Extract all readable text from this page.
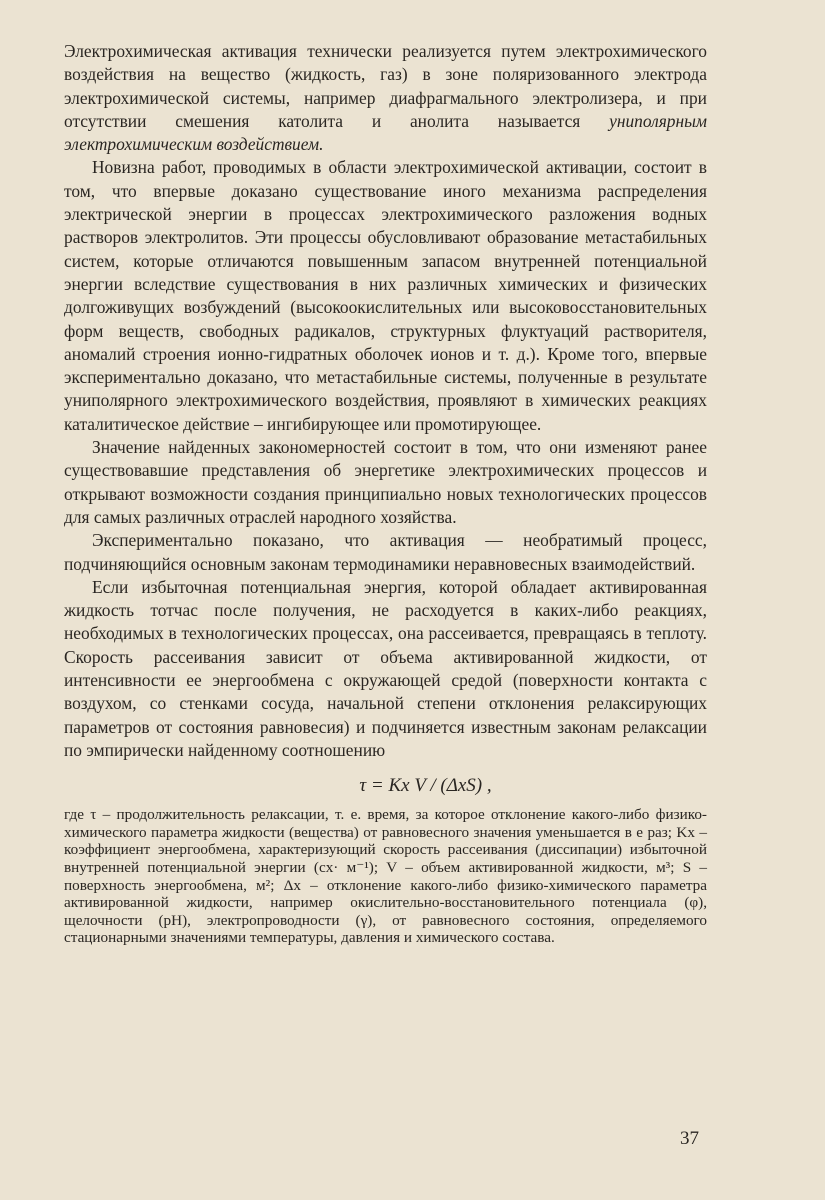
Электрохимическая активация технически реализуется путем электрохимического воздействия на вещество (жидкость, газ) в зоне поляризованного электрода электрохимической системы, например диафрагмального электролизера, и при отсутствии смешения католита и анолита называется униполярным электрохимическим воздействием.

Новизна работ, проводимых в области электрохимической активации, состоит в том, что впервые доказано существование иного механизма распределения электрической энергии в процессах электрохимического разложения водных растворов электролитов. Эти процессы обусловливают образование метастабильных систем, которые отличаются повышенным запасом внутренней потенциальной энергии вследствие существования в них различных химических и физических долгоживущих возбуждений (высокоокислительных или высоковосстановительных форм веществ, свободных радикалов, структурных флуктуаций растворителя, аномалий строения ионно-гидратных оболочек ионов и т. д.). Кроме того, впервые экспериментально доказано, что метастабильные системы, полученные в результате униполярного электрохимического воздействия, проявляют в химических реакциях каталитическое действие – ингибирующее или промотирующее.

Значение найденных закономерностей состоит в том, что они изменяют ранее существовавшие представления об энергетике электрохимических процессов и открывают возможности создания принципиально новых технологических процессов для самых различных отраслей народного хозяйства.

Экспериментально показано, что активация — необратимый процесс, подчиняющийся основным законам термодинамики неравновесных взаимодействий.

Если избыточная потенциальная энергия, которой обладает активированная жидкость тотчас после получения, не расходуется в каких-либо реакциях, необходимых в технологических процессах, она рассеивается, превращаясь в теплоту. Скорость рассеивания зависит от объема активированной жидкости, от интенсивности ее энергообмена с окружающей средой (поверхности контакта с воздухом, со стенками сосуда, начальной степени отклонения релаксирующих параметров от состояния равновесия) и подчиняется известным законам релаксации по эмпирически найденному соотношению

τ = Kx V / (ΔxS) ,

где τ – продолжительность релаксации, т. е. время, за которое отклонение какого-либо физико-химического параметра жидкости (вещества) от равновесного значения уменьшается в e раз; Kx – коэффициент энергообмена, характеризующий скорость рассеивания (диссипации) избыточной внутренней потенциальной энергии (cx· м⁻¹); V – объем активированной жидкости, м³; S – поверхность энергообмена, м²; Δx – отклонение какого-либо физико-химического параметра активированной жидкости, например окислительно-восстановительного потенциала (φ), щелочности (pH), электропроводности (γ), от равновесного состояния, определяемого стационарными значениями температуры, давления и химического состава.

37
